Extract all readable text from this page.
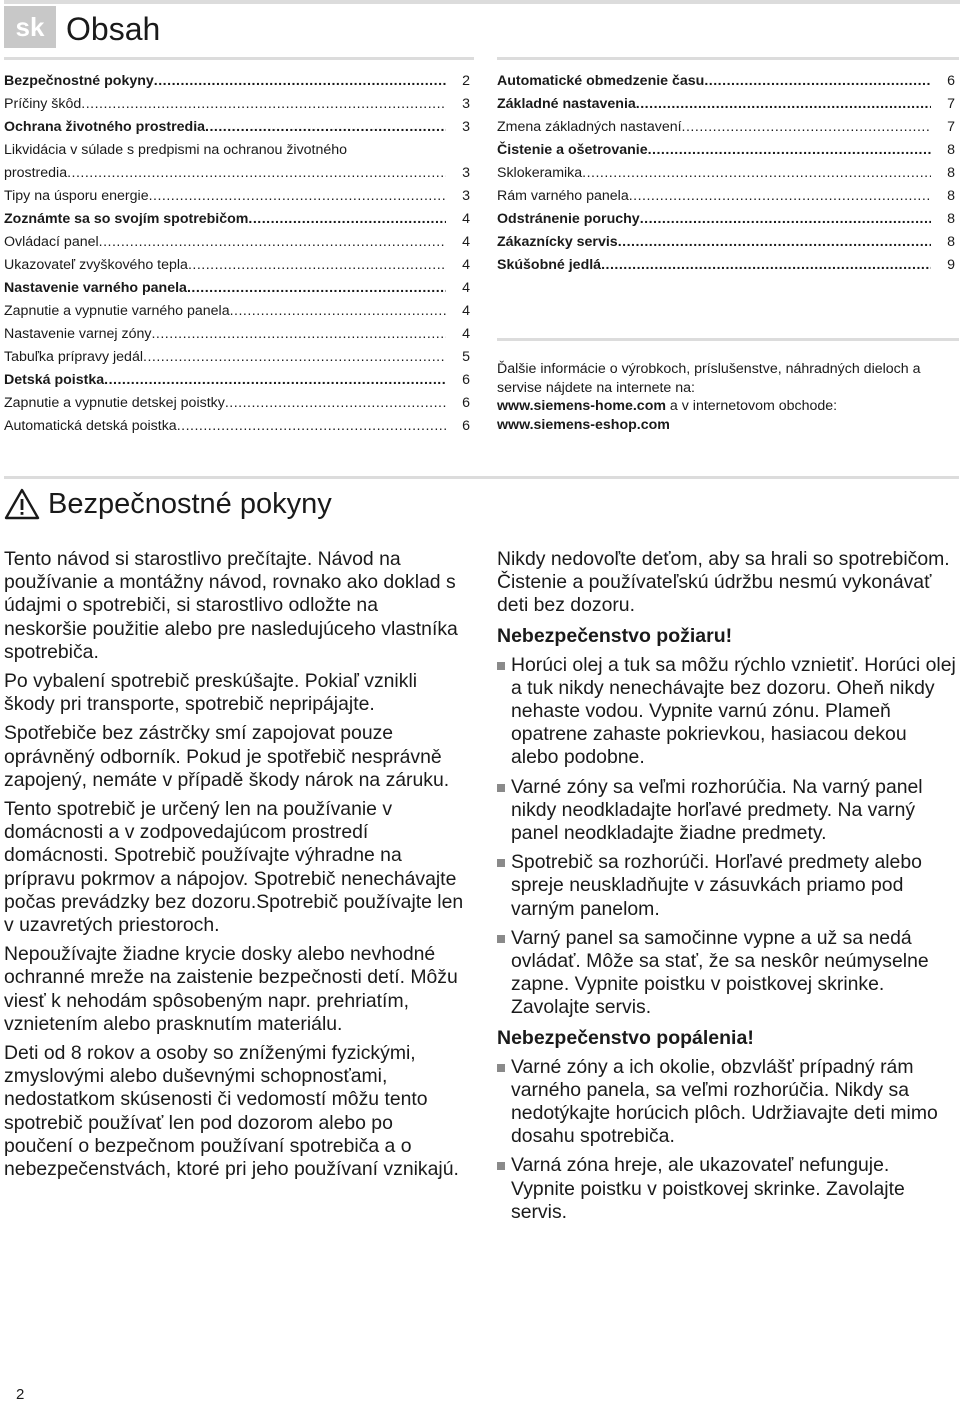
sk Obsah
Bezpečnostné pokyny .....	2
Príčiny škôd .....	3
Ochrana životného prostredia .....	3
Likvidácia v súlade s predpismi na ochranou životného
prostredia .....	3
Tipy na úsporu energie .....	3
Zoznámte sa so svojím spotrebičom .....	4
Ovládací panel .....	4
Ukazovateľ zvyškového tepla .....	4
Nastavenie varného panela .....	4
Zapnutie a vypnutie varného panela .....	4
Nastavenie varnej zóny .....	4
Tabuľka prípravy jedál .....	5
Detská poistka .....	6
Zapnutie a vypnutie detskej poistky .....	6
Automatická detská poistka .....	6
Automatické obmedzenie času .....	6
Základné nastavenia .....	7
Zmena základných nastavení .....	7
Čistenie a ošetrovanie .....	8
Sklokeramika .....	8
Rám varného panela .....	8
Odstránenie poruchy .....	8
Zákaznícky servis .....	8
Skúšobné jedlá .....	9
Ďalšie informácie o výrobkoch, príslušenstve, náhradných dieloch a servise nájdete na internete na:
www.siemens-home.com a v internetovom obchode:
www.siemens-eshop.com
Bezpečnostné pokyny

Tento návod si starostlivo prečítajte. Návod na používanie a montážny návod, rovnako ako doklad s údajmi o spotrebiči, si starostlivo odložte na neskoršie použitie alebo pre nasledujúceho vlastníka spotrebiča.

Po vybalení spotrebič preskúšajte. Pokiaľ vznikli škody pri transporte, spotrebič nepripájajte.

Spotřebiče bez zástrčky smí zapojovat pouze oprávněný odborník. Pokud je spotřebič nesprávně zapojený, nemáte v případě škody nárok na záruku.

Tento spotrebič je určený len na používanie v domácnosti a v zodpovedajúcom prostredí domácnosti. Spotrebič používajte výhradne na prípravu pokrmov a nápojov. Spotrebič nenechávajte počas prevádzky bez dozoru.Spotrebič používajte len v uzavretých priestoroch.

Nepoužívajte žiadne krycie dosky alebo nevhodné ochranné mreže na zaistenie bezpečnosti detí. Môžu viesť k nehodám spôsobeným napr. prehriatím, vznietením alebo prasknutím materiálu.

Deti od 8 rokov a osoby so zníženými fyzickými, zmyslovými alebo duševnými schopnosťami, nedostatkom skúsenosti či vedomostí môžu tento spotrebič používať len pod dozorom alebo po poučení o bezpečnom používaní spotrebiča a o nebezpečenstvách, ktoré pri jeho používaní vznikajú.

Nikdy nedovoľte deťom, aby sa hrali so spotrebičom. Čistenie a používateľskú údržbu nesmú vykonávať deti bez dozoru.

Nebezpečenstvo požiaru!
Horúci olej a tuk sa môžu rýchlo vznietiť. Horúci olej a tuk nikdy nenechávajte bez dozoru. Oheň nikdy nehaste vodou. Vypnite varnú zónu. Plameň opatrene zahaste pokrievkou, hasiacou dekou alebo podobne.
Varné zóny sa veľmi rozhorúčia. Na varný panel nikdy neodkladajte horľavé predmety. Na varný panel neodkladajte žiadne predmety.
Spotrebič sa rozhorúči. Horľavé predmety alebo spreje neuskladňujte v zásuvkách priamo pod varným panelom.
Varný panel sa samočinne vypne a už sa nedá ovládať. Môže sa stať, že sa neskôr neúmyselne zapne. Vypnite poistku v poistkovej skrinke. Zavolajte servis.
Nebezpečenstvo popálenia!
Varné zóny a ich okolie, obzvlášť prípadný rám varného panela, sa veľmi rozhorúčia. Nikdy sa nedotýkajte horúcich plôch. Udržiavajte deti mimo dosahu spotrebiča.
Varná zóna hreje, ale ukazovateľ nefunguje. Vypnite poistku v poistkovej skrinke. Zavolajte servis.
2
